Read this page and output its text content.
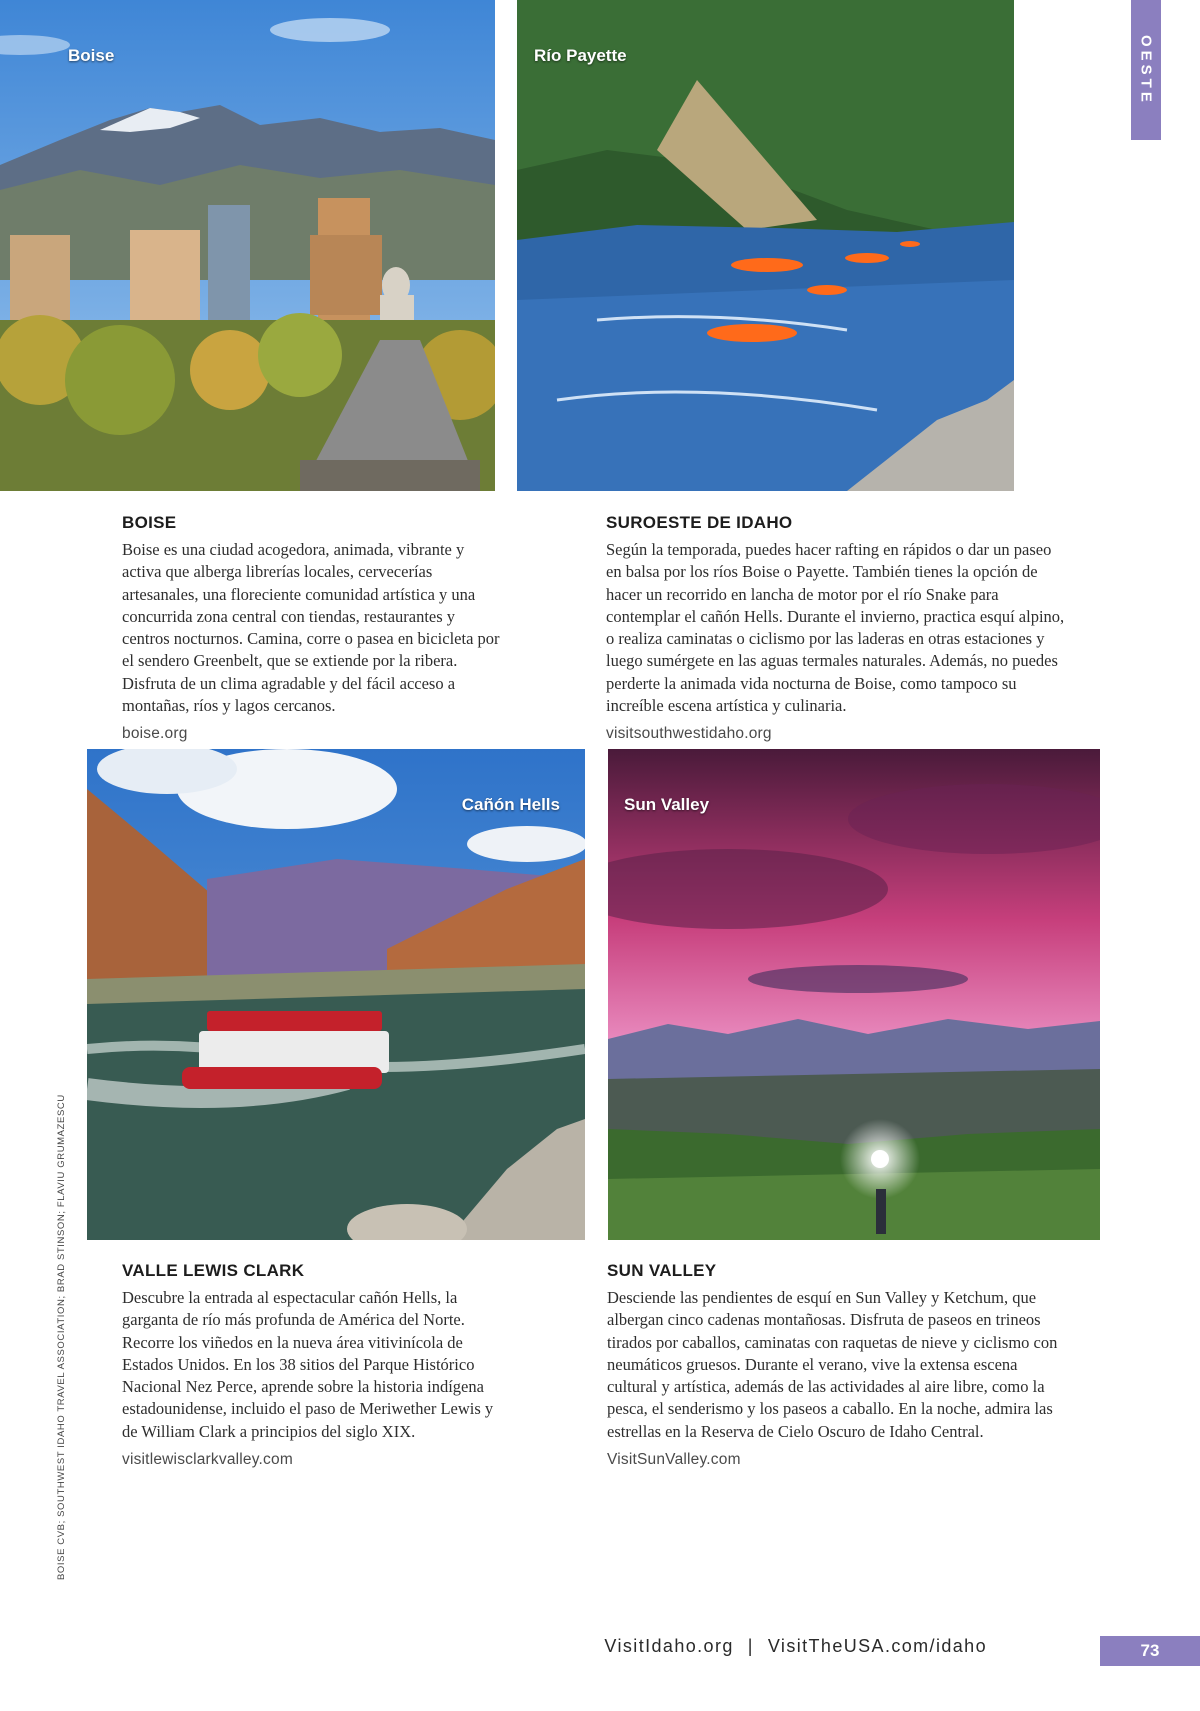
Boise	Río Payette	OESTE
BOISE

Boise es una ciudad acogedora, animada, vibrante y activa que alberga librerías locales, cervecerías artesanales, una floreciente comunidad artística y una concurrida zona central con tiendas, restaurantes y centros nocturnos. Camina, corre o pasea en bicicleta por el sendero Greenbelt, que se extiende por la ribera. Disfruta de un clima agradable y del fácil acceso a montañas, ríos y lagos cercanos.

boise.org
SUROESTE DE IDAHO

Según la temporada, puedes hacer rafting en rápidos o dar un paseo en balsa por los ríos Boise o Payette. También tienes la opción de hacer un recorrido en lancha de motor por el río Snake para contemplar el cañón Hells. Durante el invierno, practica esquí alpino, o realiza caminatas o ciclismo por las laderas en otras estaciones y luego sumérgete en las aguas termales naturales. Además, no puedes perderte la animada vida nocturna de Boise, como tampoco su increíble escena artística y culinaria.

visitsouthwestidaho.org
Cañón Hells	Sun Valley
VALLE LEWIS CLARK

Descubre la entrada al espectacular cañón Hells, la garganta de río más profunda de América del Norte. Recorre los viñedos en la nueva área vitivinícola de Estados Unidos. En los 38 sitios del Parque Histórico Nacional Nez Perce, aprende sobre la historia indígena estadounidense, incluido el paso de Meriwether Lewis y de William Clark a principios del siglo XIX.

visitlewisclarkvalley.com
SUN VALLEY

Desciende las pendientes de esquí en Sun Valley y Ketchum, que albergan cinco cadenas montañosas. Disfruta de paseos en trineos tirados por caballos, caminatas con raquetas de nieve y ciclismo con neumáticos gruesos. Durante el verano, vive la extensa escena cultural y artística, además de las actividades al aire libre, como la pesca, el senderismo y los paseos a caballo. En la noche, admira las estrellas en la Reserva de Cielo Oscuro de Idaho Central.

VisitSunValley.com
BOISE CVB; SOUTHWEST IDAHO TRAVEL ASSOCIATION; BRAD STINSON; FLAVIU GRUMAZESCU
VisitIdaho.org | VisitTheUSA.com/idaho	73
